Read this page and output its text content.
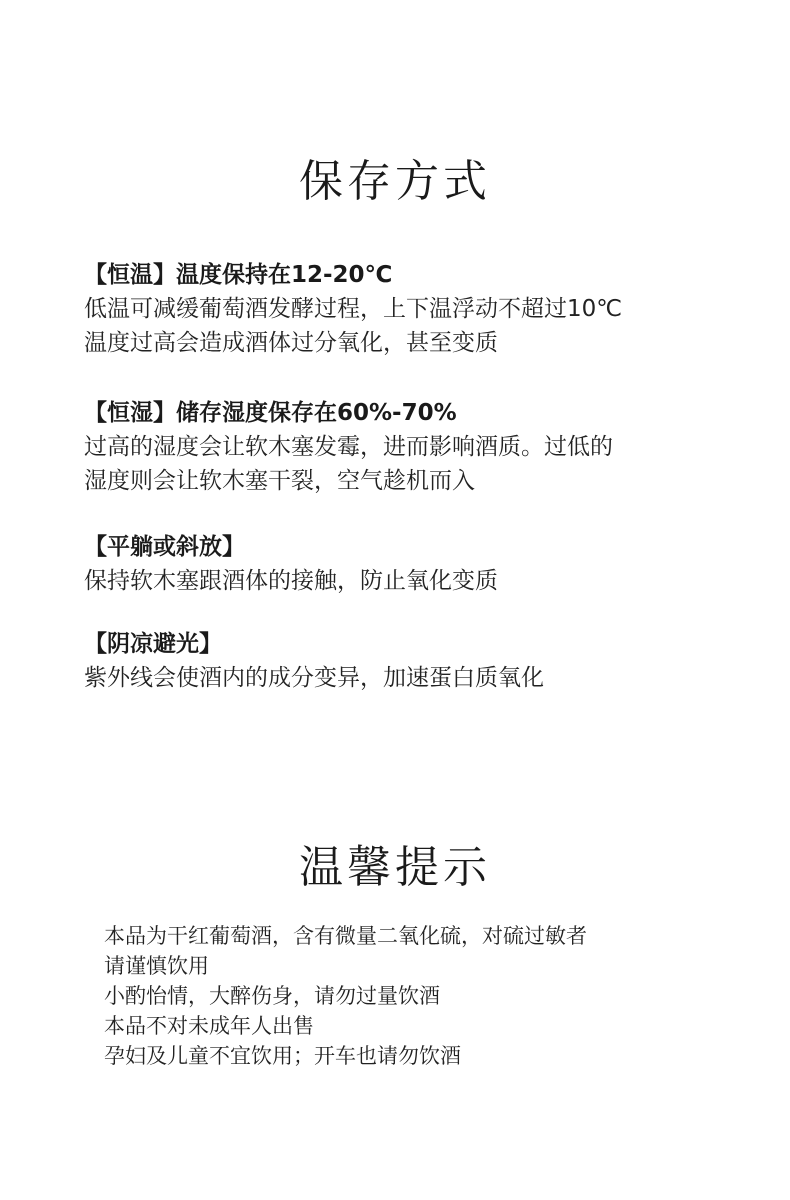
保存方式
【恒温】温度保持在12-20℃
低温可减缓葡萄酒发酵过程，上下温浮动不超过10℃
温度过高会造成酒体过分氧化，甚至变质
【恒湿】储存湿度保存在60%-70%
过高的湿度会让软木塞发霉，进而影响酒质。过低的
湿度则会让软木塞干裂，空气趁机而入
【平躺或斜放】
保持软木塞跟酒体的接触，防止氧化变质
【阴凉避光】
紫外线会使酒内的成分变异，加速蛋白质氧化
温馨提示
本品为干红葡萄酒，含有微量二氧化硫，对硫过敏者
请谨慎饮用
小酌怡情，大醉伤身，请勿过量饮酒
本品不对未成年人出售
孕妇及儿童不宜饮用；开车也请勿饮酒
